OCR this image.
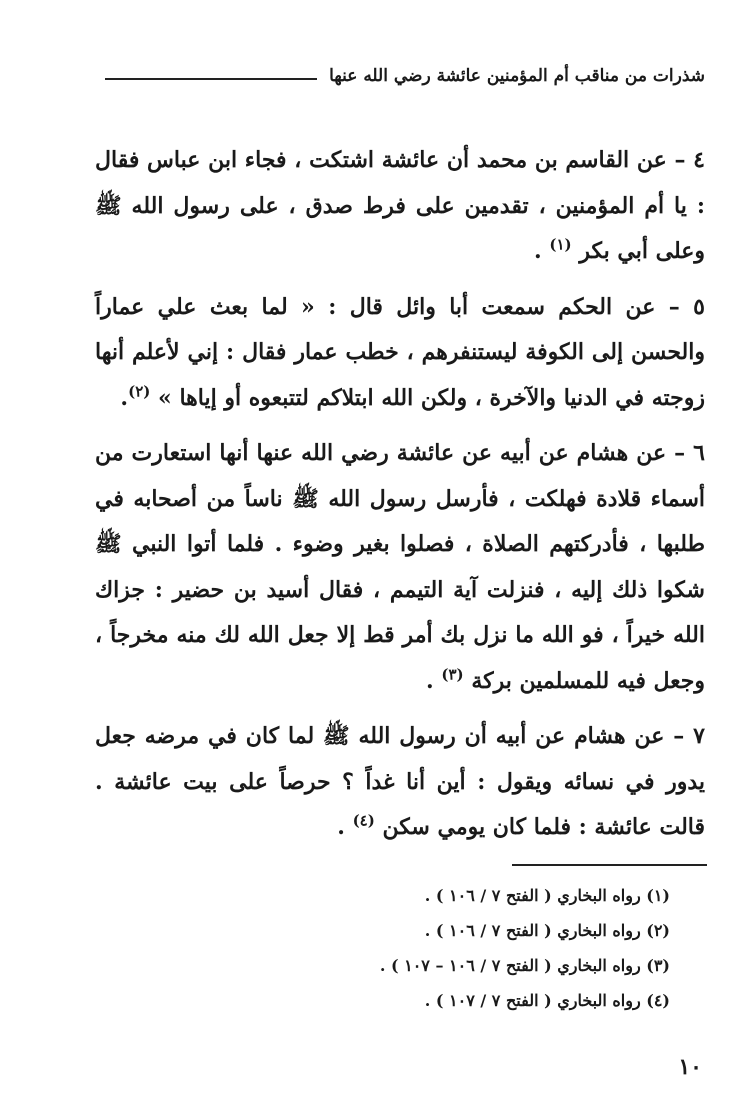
شذرات من مناقب أم المؤمنين عائشة رضي الله عنها

٤ – عن القاسم بن محمد أن عائشة اشتكت ، فجاء ابن عباس فقال : يا أم المؤمنين ، تقدمين على فرط صدق ، على رسول الله ﷺ وعلى أبي بكر $^{(١)}$ .

٥ – عن الحكم سمعت أبا وائل قال : « لما بعث علي عماراً والحسن إلى الكوفة ليستنفرهم ، خطب عمار فقال : إني لأعلم أنها زوجته في الدنيا والآخرة ، ولكن الله ابتلاكم لتتبعوه أو إياها » $^{(٢)}$.

٦ – عن هشام عن أبيه عن عائشة رضي الله عنها أنها استعارت من أسماء قلادة فهلكت ، فأرسل رسول الله ﷺ ناساً من أصحابه في طلبها ، فأدركتهم الصلاة ، فصلوا بغير وضوء . فلما أتوا النبي ﷺ شكوا ذلك إليه ، فنزلت آية التيمم ، فقال أسيد بن حضير : جزاك الله خيراً ، فو الله ما نزل بك أمر قط إلا جعل الله لك منه مخرجاً ، وجعل فيه للمسلمين بركة $^{(٣)}$ .

٧ – عن هشام عن أبيه أن رسول الله ﷺ لما كان في مرضه جعل يدور في نسائه ويقول : أين أنا غداً ؟ حرصاً على بيت عائشة . قالت عائشة : فلما كان يومي سكن $^{(٤)}$ .

(١) رواه البخاري ( الفتح ٧ / ١٠٦ ) .
(٢) رواه البخاري ( الفتح ٧ / ١٠٦ ) .
(٣) رواه البخاري ( الفتح ٧ / ١٠٦ – ١٠٧ ) .
(٤) رواه البخاري ( الفتح ٧ / ١٠٧ ) .
١٠
